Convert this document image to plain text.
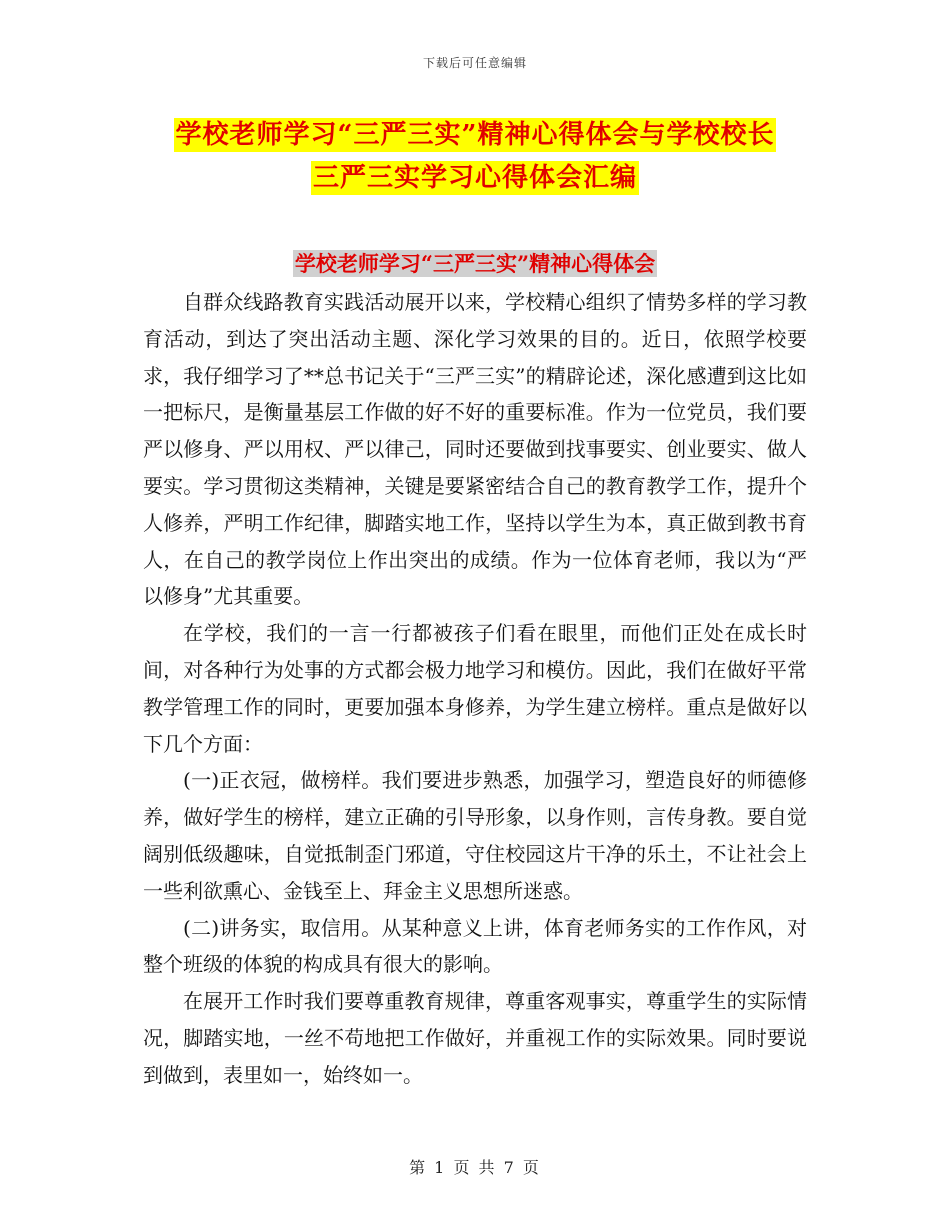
下载后可任意编辑
学校老师学习“三严三实”精神心得体会与学校校长
三严三实学习心得体会汇编
学校老师学习“三严三实”精神心得体会

自群众线路教育实践活动展开以来，学校精心组织了情势多样的学习教育活动，到达了突出活动主题、深化学习效果的目的。近日，依照学校要求，我仔细学习了**总书记关于“三严三实”的精辟论述，深化感遭到这比如一把标尺，是衡量基层工作做的好不好的重要标准。作为一位党员，我们要严以修身、严以用权、严以律己，同时还要做到找事要实、创业要实、做人要实。学习贯彻这类精神，关键是要紧密结合自己的教育教学工作，提升个人修养，严明工作纪律，脚踏实地工作，坚持以学生为本，真正做到教书育人，在自己的教学岗位上作出突出的成绩。作为一位体育老师，我以为“严以修身”尤其重要。

在学校，我们的一言一行都被孩子们看在眼里，而他们正处在成长时间，对各种行为处事的方式都会极力地学习和模仿。因此，我们在做好平常教学管理工作的同时，更要加强本身修养，为学生建立榜样。重点是做好以下几个方面：

(一)正衣冠，做榜样。我们要进步熟悉，加强学习，塑造良好的师德修养，做好学生的榜样，建立正确的引导形象，以身作则，言传身教。要自觉阔别低级趣味，自觉抵制歪门邪道，守住校园这片干净的乐土，不让社会上一些利欲熏心、金钱至上、拜金主义思想所迷惑。

(二)讲务实，取信用。从某种意义上讲，体育老师务实的工作作风，对整个班级的体貌的构成具有很大的影响。

在展开工作时我们要尊重教育规律，尊重客观事实，尊重学生的实际情况，脚踏实地，一丝不苟地把工作做好，并重视工作的实际效果。同时要说到做到，表里如一，始终如一。

第 1 页 共 7 页
